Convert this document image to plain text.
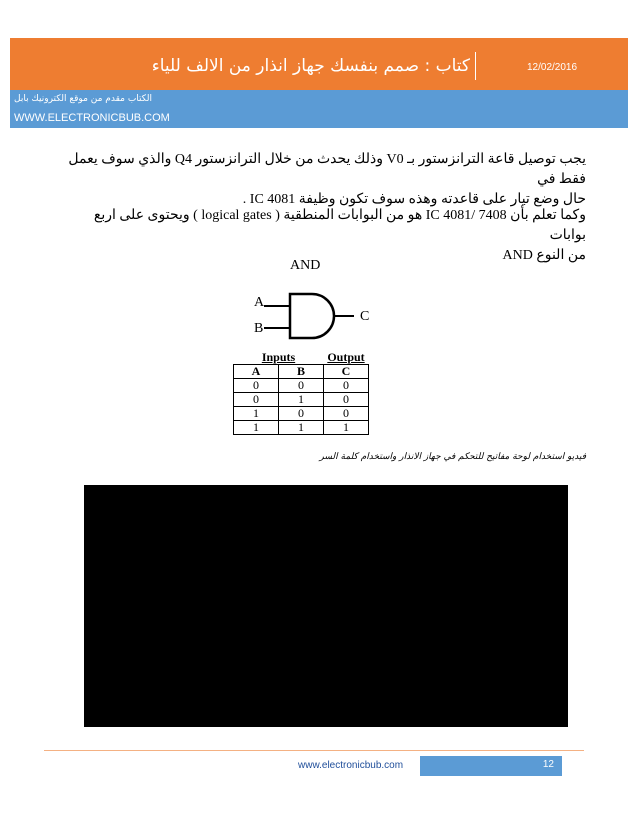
كتاب : صمم بنفسك جهاز انذار من الالف للياء	12/02/2016
الكتاب مقدم من موقع الكترونيك بابل
WWW.ELECTRONICBUB.COM
يجب توصيل قاعة الترانزستور بـ V0 وذلك يحدث من خلال الترانزستور Q4 والذي سوف يعمل فقط في
حال وضع تيار على قاعدته وهذه سوف تكون وظيفة IC 4081 .
وكما تعلم بأن IC 4081/ 7408 هو من البوابات المنطقية ( logical gates ) ويحتوى على اربع بوابات
من النوع AND
AND
A
B
C
Inputs		Output
A	B	C
0	0	0
0	1	0
1	0	0
1	1	1
فيديو استخدام لوحة مفاتيح للتحكم في جهاز الانذار واستخدام كلمة السر
www.electronicbub.com	12
